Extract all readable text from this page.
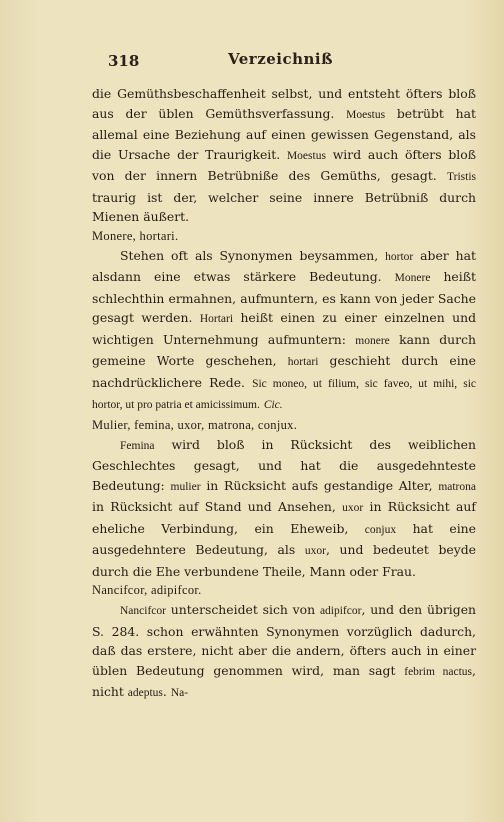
318	Verzeichniß

die Gemüthsbeschaffenheit selbst, und entsteht öfters bloß aus der üblen Gemüthsverfassung. Moestus betrübt hat allemal eine Beziehung auf einen gewissen Gegenstand, als die Ursache der Traurigkeit. Moestus wird auch öfters bloß von der innern Betrübniße des Gemüths, gesagt. Tristis traurig ist der, welcher seine innere Betrübniß durch Mienen äußert.

Monere, hortari.

Stehen oft als Synonymen beysammen, hortor aber hat alsdann eine etwas stärkere Bedeutung. Monere heißt schlechthin ermahnen, aufmuntern, es kann von jeder Sache gesagt werden. Hortari heißt einen zu einer einzelnen und wichtigen Unternehmung aufmuntern: monere kann durch gemeine Worte geschehen, hortari geschieht durch eine nachdrücklichere Rede. Sic moneo, ut filium, sic faveo, ut mihi, sic hortor, ut pro patria et amicissimum. Cic.

Mulier, femina, uxor, matrona, conjux.

Femina wird bloß in Rücksicht des weiblichen Geschlechtes gesagt, und hat die ausgedehnteste Bedeutung: mulier in Rücksicht aufs gestandige Alter, matrona in Rücksicht auf Stand und Ansehen, uxor in Rücksicht auf eheliche Verbindung, ein Eheweib, conjux hat eine ausgedehntere Bedeutung, als uxor, und bedeutet beyde durch die Ehe verbundene Theile, Mann oder Frau.

Nancifcor, adipifcor.

Nancifcor unterscheidet sich von adipifcor, und den übrigen S. 284. schon erwähnten Synonymen vorzüglich dadurch, daß das erstere, nicht aber die andern, öfters auch in einer üblen Bedeutung genommen wird, man sagt febrim nactus, nicht adeptus. Na-
